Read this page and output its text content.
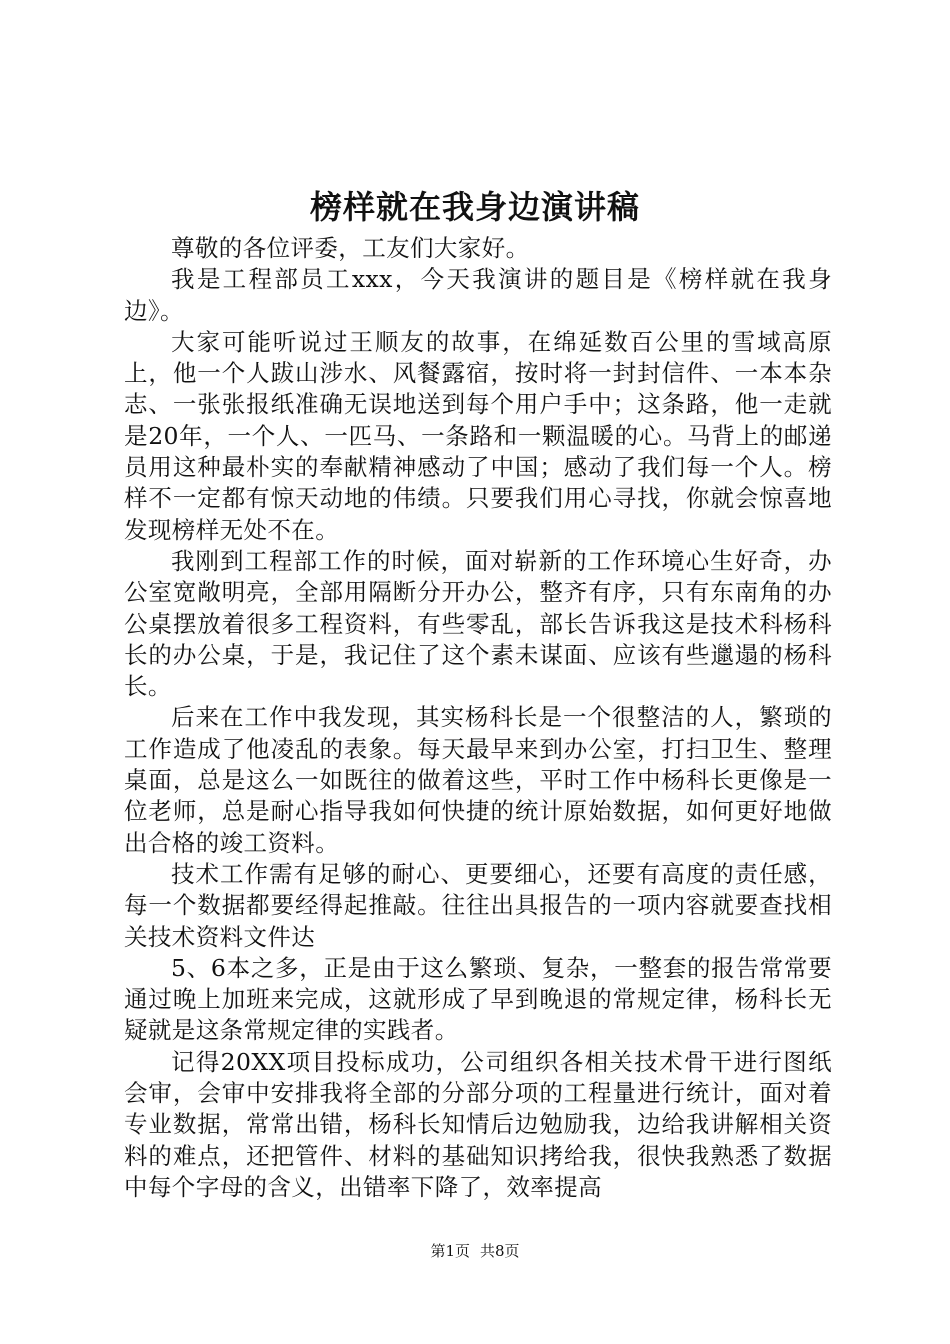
榜样就在我身边演讲稿

尊敬的各位评委，工友们大家好。

我是工程部员工xxx，今天我演讲的题目是《榜样就在我身边》。

大家可能听说过王顺友的故事，在绵延数百公里的雪域高原上，他一个人跋山涉水、风餐露宿，按时将一封封信件、一本本杂志、一张张报纸准确无误地送到每个用户手中；这条路，他一走就是20年，一个人、一匹马、一条路和一颗温暖的心。马背上的邮递员用这种最朴实的奉献精神感动了中国；感动了我们每一个人。榜样不一定都有惊天动地的伟绩。只要我们用心寻找，你就会惊喜地发现榜样无处不在。

我刚到工程部工作的时候，面对崭新的工作环境心生好奇，办公室宽敞明亮，全部用隔断分开办公，整齐有序，只有东南角的办公桌摆放着很多工程资料，有些零乱，部长告诉我这是技术科杨科长的办公桌，于是，我记住了这个素未谋面、应该有些邋遢的杨科长。

后来在工作中我发现，其实杨科长是一个很整洁的人，繁琐的工作造成了他凌乱的表象。每天最早来到办公室，打扫卫生、整理桌面，总是这么一如既往的做着这些，平时工作中杨科长更像是一位老师，总是耐心指导我如何快捷的统计原始数据，如何更好地做出合格的竣工资料。

技术工作需有足够的耐心、更要细心，还要有高度的责任感，每一个数据都要经得起推敲。往往出具报告的一项内容就要查找相关技术资料文件达

5、6本之多，正是由于这么繁琐、复杂，一整套的报告常常要通过晚上加班来完成，这就形成了早到晚退的常规定律，杨科长无疑就是这条常规定律的实践者。

记得20XX项目投标成功，公司组织各相关技术骨干进行图纸会审，会审中安排我将全部的分部分项的工程量进行统计，面对着专业数据，常常出错，杨科长知情后边勉励我，边给我讲解相关资料的难点，还把管件、材料的基础知识拷给我，很快我熟悉了数据中每个字母的含义，出错率下降了，效率提高

第1页 共8页
